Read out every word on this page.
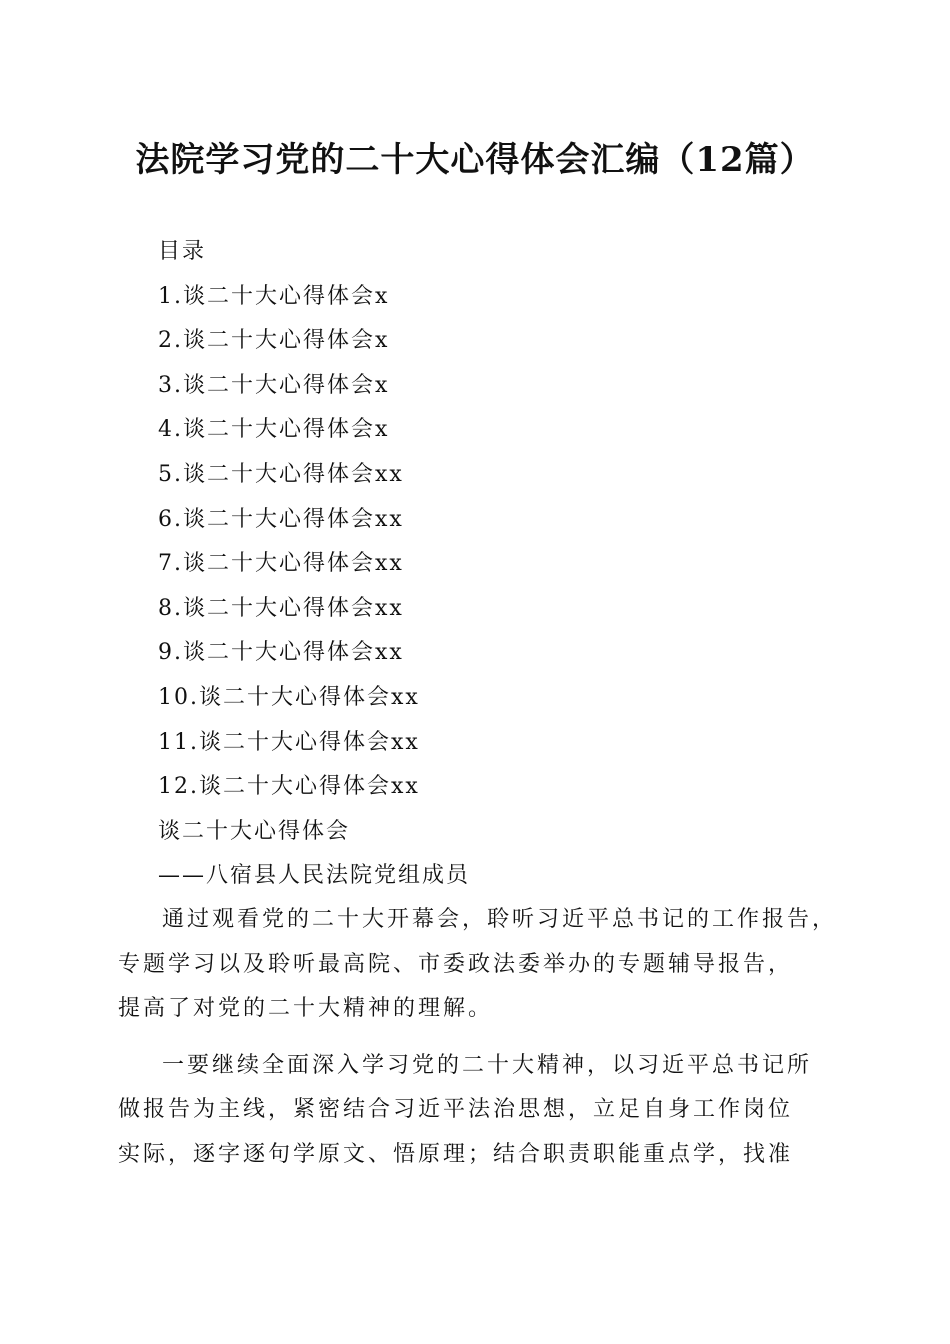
法院学习党的二十大心得体会汇编（12篇）
目录
1.谈二十大心得体会x
2.谈二十大心得体会x
3.谈二十大心得体会x
4.谈二十大心得体会x
5.谈二十大心得体会xx
6.谈二十大心得体会xx
7.谈二十大心得体会xx
8.谈二十大心得体会xx
9.谈二十大心得体会xx
10.谈二十大心得体会xx
11.谈二十大心得体会xx
12.谈二十大心得体会xx
谈二十大心得体会
——八宿县人民法院党组成员

通过观看党的二十大开幕会，聆听习近平总书记的工作报告，
专题学习以及聆听最高院、市委政法委举办的专题辅导报告，
提高了对党的二十大精神的理解。

一要继续全面深入学习党的二十大精神，以习近平总书记所
做报告为主线，紧密结合习近平法治思想，立足自身工作岗位
实际，逐字逐句学原文、悟原理；结合职责职能重点学，找准
